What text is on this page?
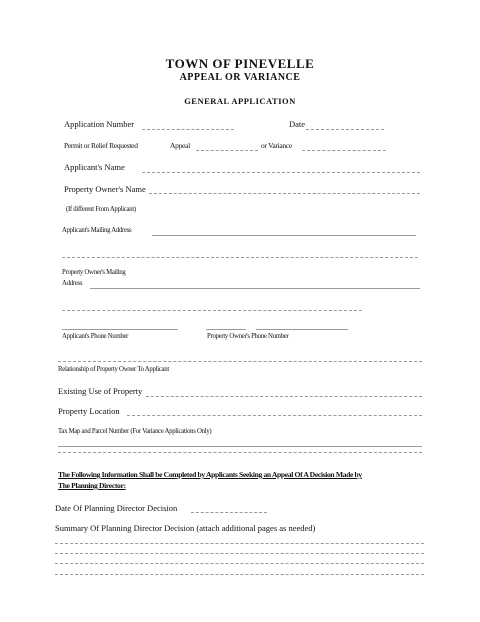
TOWN OF PINEVELLE
APPEAL OR VARIANCE
GENERAL APPLICATION
Application Number	Date
Permit or Relief Requested	Appeal	or Variance
Applicant's Name
Property Owner's Name
(If different From Applicant)
Applicant's Mailing Address
Property Owner's Mailing
Address
Applicant's Phone Number	Property Owner's Phone Number
Relationship of Property Owner To Applicant
Existing Use of Property
Property Location
Tax Map and Parcel Number (For Variance Applications Only)
The Following Information Shall be Completed by Applicants Seeking an Appeal Of A Decision Made by
The Planning Director:
Date Of Planning Director Decision
Summary Of Planning Director Decision (attach additional pages as needed)
